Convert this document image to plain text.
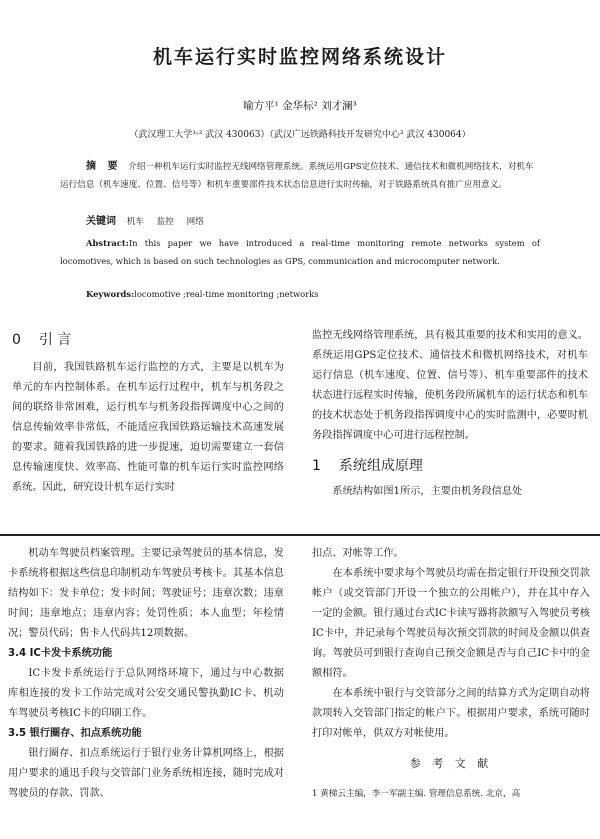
机车运行实时监控网络系统设计
喻方平¹ 金华标² 刘才澜³
（武汉理工大学¹˒² 武汉 430063）（武汉广远铁路科技开发研究中心³ 武汉 430064）
摘 要 介绍一种机车运行实时监控无线网络管理系统。系统运用GPS定位技术、通信技术和微机网络技术，对机车运行信息（机车速度、位置、信号等）和机车重要部件技术状态信息进行实时传输，对于铁路系统具有推广应用意义。
关键词 机车 监控 网络
Abstract:In this paper we have introduced a real-time monitoring remote networks system of locomotives, which is based on such technologies as GPS, communication and microcomputer network.
Keywords:locomotive ;real-time monitoring ;networks
0 引 言

目前，我国铁路机车运行监控的方式，主要是以机车为单元的车内控制体系。在机车运行过程中，机车与机务段之间的联络非常困难，运行机车与机务段指挥调度中心之间的信息传输效率非常低，不能适应我国铁路运输技术高速发展的要求。随着我国铁路的进一步提速，迫切需要建立一套信息传输速度快、效率高、性能可靠的机车运行实时监控网络系统。因此，研究设计机车运行实时

监控无线网络管理系统，具有极其重要的技术和实用的意义。系统运用GPS定位技术、通信技术和微机网络技术，对机车运行信息（机车速度、位置、信号等）、机车重要部件的技术状态进行远程实时传输，使机务段所属机车的运行状态和机车的技术状态处于机务段指挥调度中心的实时监测中，必要时机务段指挥调度中心可进行远程控制。

1 系统组成原理

系统结构如图1所示，主要由机务段信息处

机动车驾驶员档案管理。主要记录驾驶员的基本信息，发卡系统将根据这些信息印制机动车驾驶员考核卡。其基本信息结构如下：发卡单位；发卡时间；驾驶证号；违章次数；违章时间；违章地点；违章内容；处罚性质；本人血型；年检情况；警员代码；售卡人代码共12项数据。

3.4 IC卡发卡系统功能

IC卡发卡系统运行于总队网络环境下，通过与中心数据库相连接的发卡工作站完成对公安交通民警执勤IC卡、机动车驾驶员考核IC卡的印刷工作。

3.5 银行圈存、扣点系统功能

银行圈存、扣点系统运行于银行业务计算机网络上，根据用户要求的通迅手段与交管部门业务系统相连接，随时完成对驾驶员的存款、罚款、

扣点、对帐等工作。

在本系统中要求每个驾驶员均需在指定银行开设预交罚款帐户（或交管部门开设一个独立的公用帐户），并在其中存入一定的金额。银行通过台式IC卡读写器将款额写入驾驶员考核IC卡中，并记录每个驾驶员每次预交罚款的时间及金额以供查询。驾驶员可到银行查询自己预交金额是否与自己IC卡中的金额相符。

在本系统中银行与交管部分之间的结算方式为定期自动将款项转入交管部门指定的帐户下。根据用户要求，系统可随时打印对帐单，供双方对帐使用。

参 考 文 献
1 黄梯云主编，李一军副主编. 管理信息系统. 北京，高
